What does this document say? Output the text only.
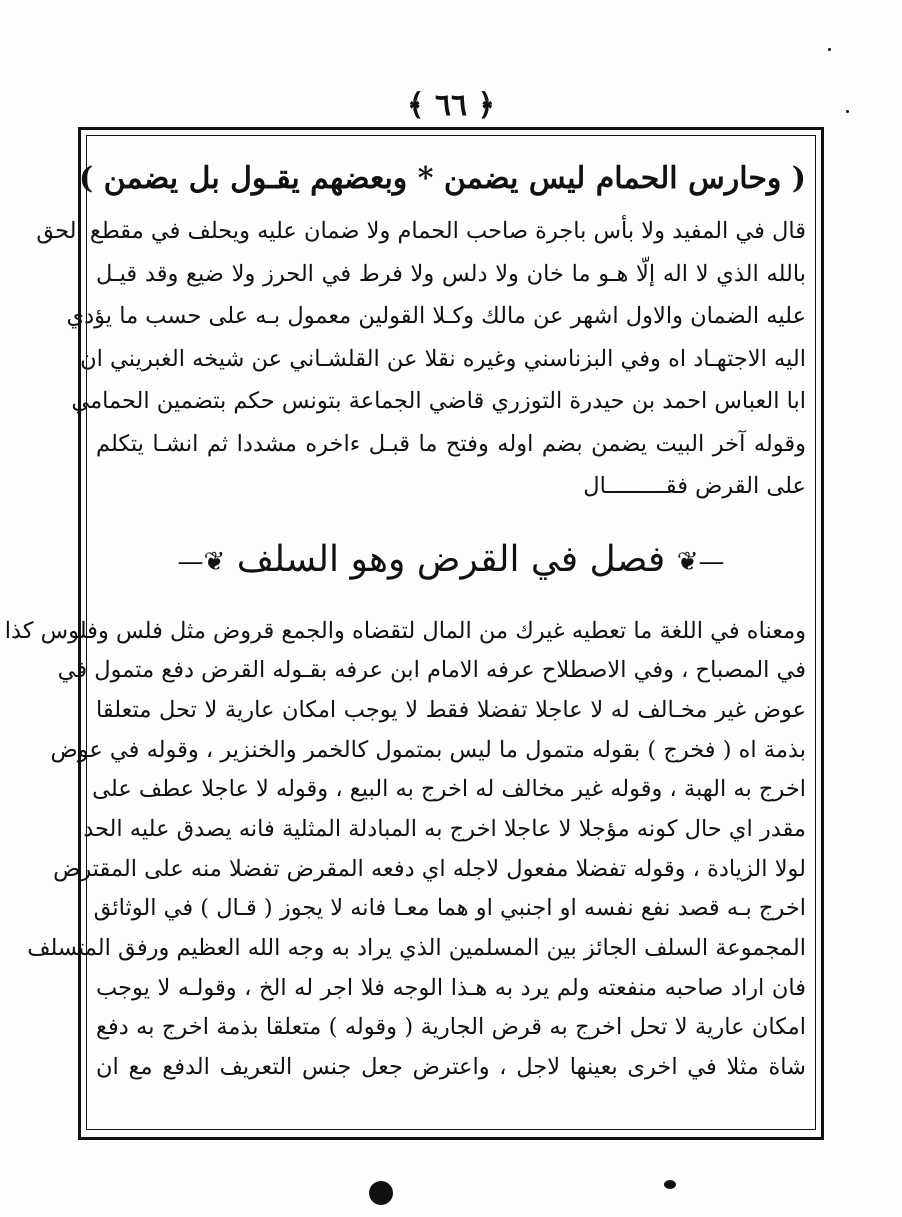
﴿ ٦٦ ﴾
( وحارس الحمام ليس يضمن * وبعضهم يقـول بل يضمن )
قال في المفيد ولا بأس باجرة صاحب الحمام ولا ضمان عليه ويحلف في مقطع الحق
بالله الذي لا اله إلّا هـو ما خان ولا دلس ولا فرط في الحرز ولا ضيع وقد قيـل
عليه الضمان والاول اشهر عن مالك وكـلا القولين معمول بـه على حسب ما يؤدي
اليه الاجتهـاد اه وفي البزناسني وغيره نقلا عن القلشـاني عن شيخه الغبريني ان
ابا العباس احمد بن حيدرة التوزري قاضي الجماعة بتونس حكم بتضمين الحمامي
وقوله آخر البيت يضمن بضم اوله وفتح ما قبـل ءاخره مشددا ثم انشـا يتكلم
على القرض فقـــــــــال
—❦ فصل في القرض وهو السلف ❦—
ومعناه في اللغة ما تعطيه غيرك من المال لتقضاه والجمع قروض مثل فلس وفلوس كذا
في المصباح ، وفي الاصطلاح عرفه الامام ابن عرفه بقـوله القرض دفع متمول في
عوض غير مخـالف له لا عاجلا تفضلا فقط لا يوجب امكان عارية لا تحل متعلقا
بذمة اه ( فخرج ) بقوله متمول ما ليس بمتمول كالخمر والخنزير ، وقوله في عوض
اخرج به الهبة ، وقوله غير مخالف له اخرج به البيع ، وقوله لا عاجلا عطف على
مقدر اي حال كونه مؤجلا لا عاجلا اخرج به المبادلة المثلية فانه يصدق عليه الحد
لولا الزيادة ، وقوله تفضلا مفعول لاجله اي دفعه المقرض تفضلا منه على المقترض
اخرج بـه قصد نفع نفسه او اجنبي او هما معـا فانه لا يجوز ( قـال ) في الوثائق
المجموعة السلف الجائز بين المسلمين الذي يراد به وجه الله العظيم ورفق المتسلف
فان اراد صاحبه منفعته ولم يرد به هـذا الوجه فلا اجر له الخ ، وقولـه لا يوجب
امكان عارية لا تحل اخرج به قرض الجارية ( وقوله ) متعلقا بذمة اخرج به دفع
شاة مثلا في اخرى بعينها لاجل ، واعترض جعل جنس التعريف الدفع مع ان
